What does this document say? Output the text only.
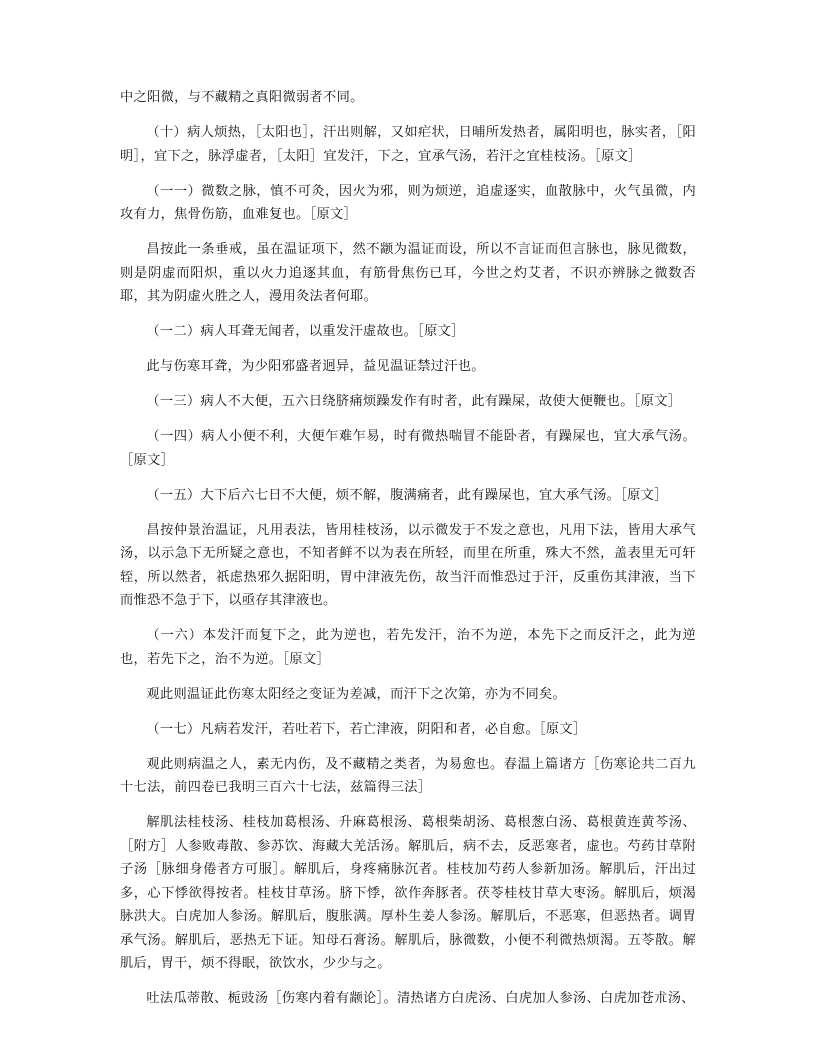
中之阳微，与不藏精之真阳微弱者不同。

（十）病人烦热，［太阳也］，汗出则解，又如疟状，日晡所发热者，属阳明也，脉实者，［阳明］，宜下之，脉浮虚者，［太阳］宜发汗，下之，宜承气汤，若汗之宜桂枝汤。［原文］

（一一）微数之脉，慎不可灸，因火为邪，则为烦逆，追虚逐实，血散脉中，火气虽微，内攻有力，焦骨伤筋，血难复也。［原文］

昌按此一条垂戒，虽在温证项下，然不颛为温证而设，所以不言证而但言脉也，脉见微数，则是阴虚而阳炽，重以火力追逐其血，有筋骨焦伤已耳，今世之灼艾者，不识亦辨脉之微数否耶，其为阴虚火胜之人，漫用灸法者何耶。

（一二）病人耳聋无闻者，以重发汗虚故也。［原文］

此与伤寒耳聋，为少阳邪盛者迥异，益见温证禁过汗也。

（一三）病人不大便，五六日绕脐痛烦躁发作有时者，此有躁屎，故使大便鞭也。［原文］

（一四）病人小便不利，大便乍难乍易，时有微热喘冒不能卧者，有躁屎也，宜大承气汤。［原文］

（一五）大下后六七日不大便，烦不解，腹满痛者，此有躁屎也，宜大承气汤。［原文］

昌按仲景治温证，凡用表法，皆用桂枝汤，以示微发于不发之意也，凡用下法，皆用大承气汤，以示急下无所疑之意也，不知者鲜不以为表在所轻，而里在所重，殊大不然，盖表里无可轩轾，所以然者，祇虑热邪久据阳明，胃中津液先伤，故当汗而惟恐过于汗，反重伤其津液，当下而惟恐不急于下，以亟存其津液也。

（一六）本发汗而复下之，此为逆也，若先发汗，治不为逆，本先下之而反汗之，此为逆也，若先下之，治不为逆。［原文］

观此则温证此伤寒太阳经之变证为差减，而汗下之次第，亦为不同矣。

（一七）凡病若发汗，若吐若下，若亡津液，阴阳和者，必自愈。［原文］

观此则病温之人，素无内伤，及不藏精之类者，为易愈也。春温上篇诸方［伤寒论共二百九十七法，前四卷已我明三百六十七法，兹篇得三法］

解肌法桂枝汤、桂枝加葛根汤、升麻葛根汤、葛根柴胡汤、葛根葱白汤、葛根黄连黄芩汤、［附方］人参败毒散、参苏饮、海藏大羌活汤。解肌后，病不去，反恶寒者，虚也。芍药甘草附子汤［脉细身倦者方可服］。解肌后，身疼痛脉沉者。桂枝加芍药人参新加汤。解肌后，汗出过多，心下悸欲得按者。桂枝甘草汤。脐下悸，欲作奔豚者。茯苓桂枝甘草大枣汤。解肌后，烦渴脉洪大。白虎加人参汤。解肌后，腹胀满。厚朴生姜人参汤。解肌后，不恶寒，但恶热者。调胃承气汤。解肌后，恶热无下证。知母石膏汤。解肌后，脉微数，小便不利微热烦渴。五苓散。解肌后，胃干，烦不得眠，欲饮水，少少与之。

吐法瓜蒂散、栀豉汤［伤寒内着有颛论］。清热诸方白虎汤、白虎加人参汤、白虎加苍朮汤、
